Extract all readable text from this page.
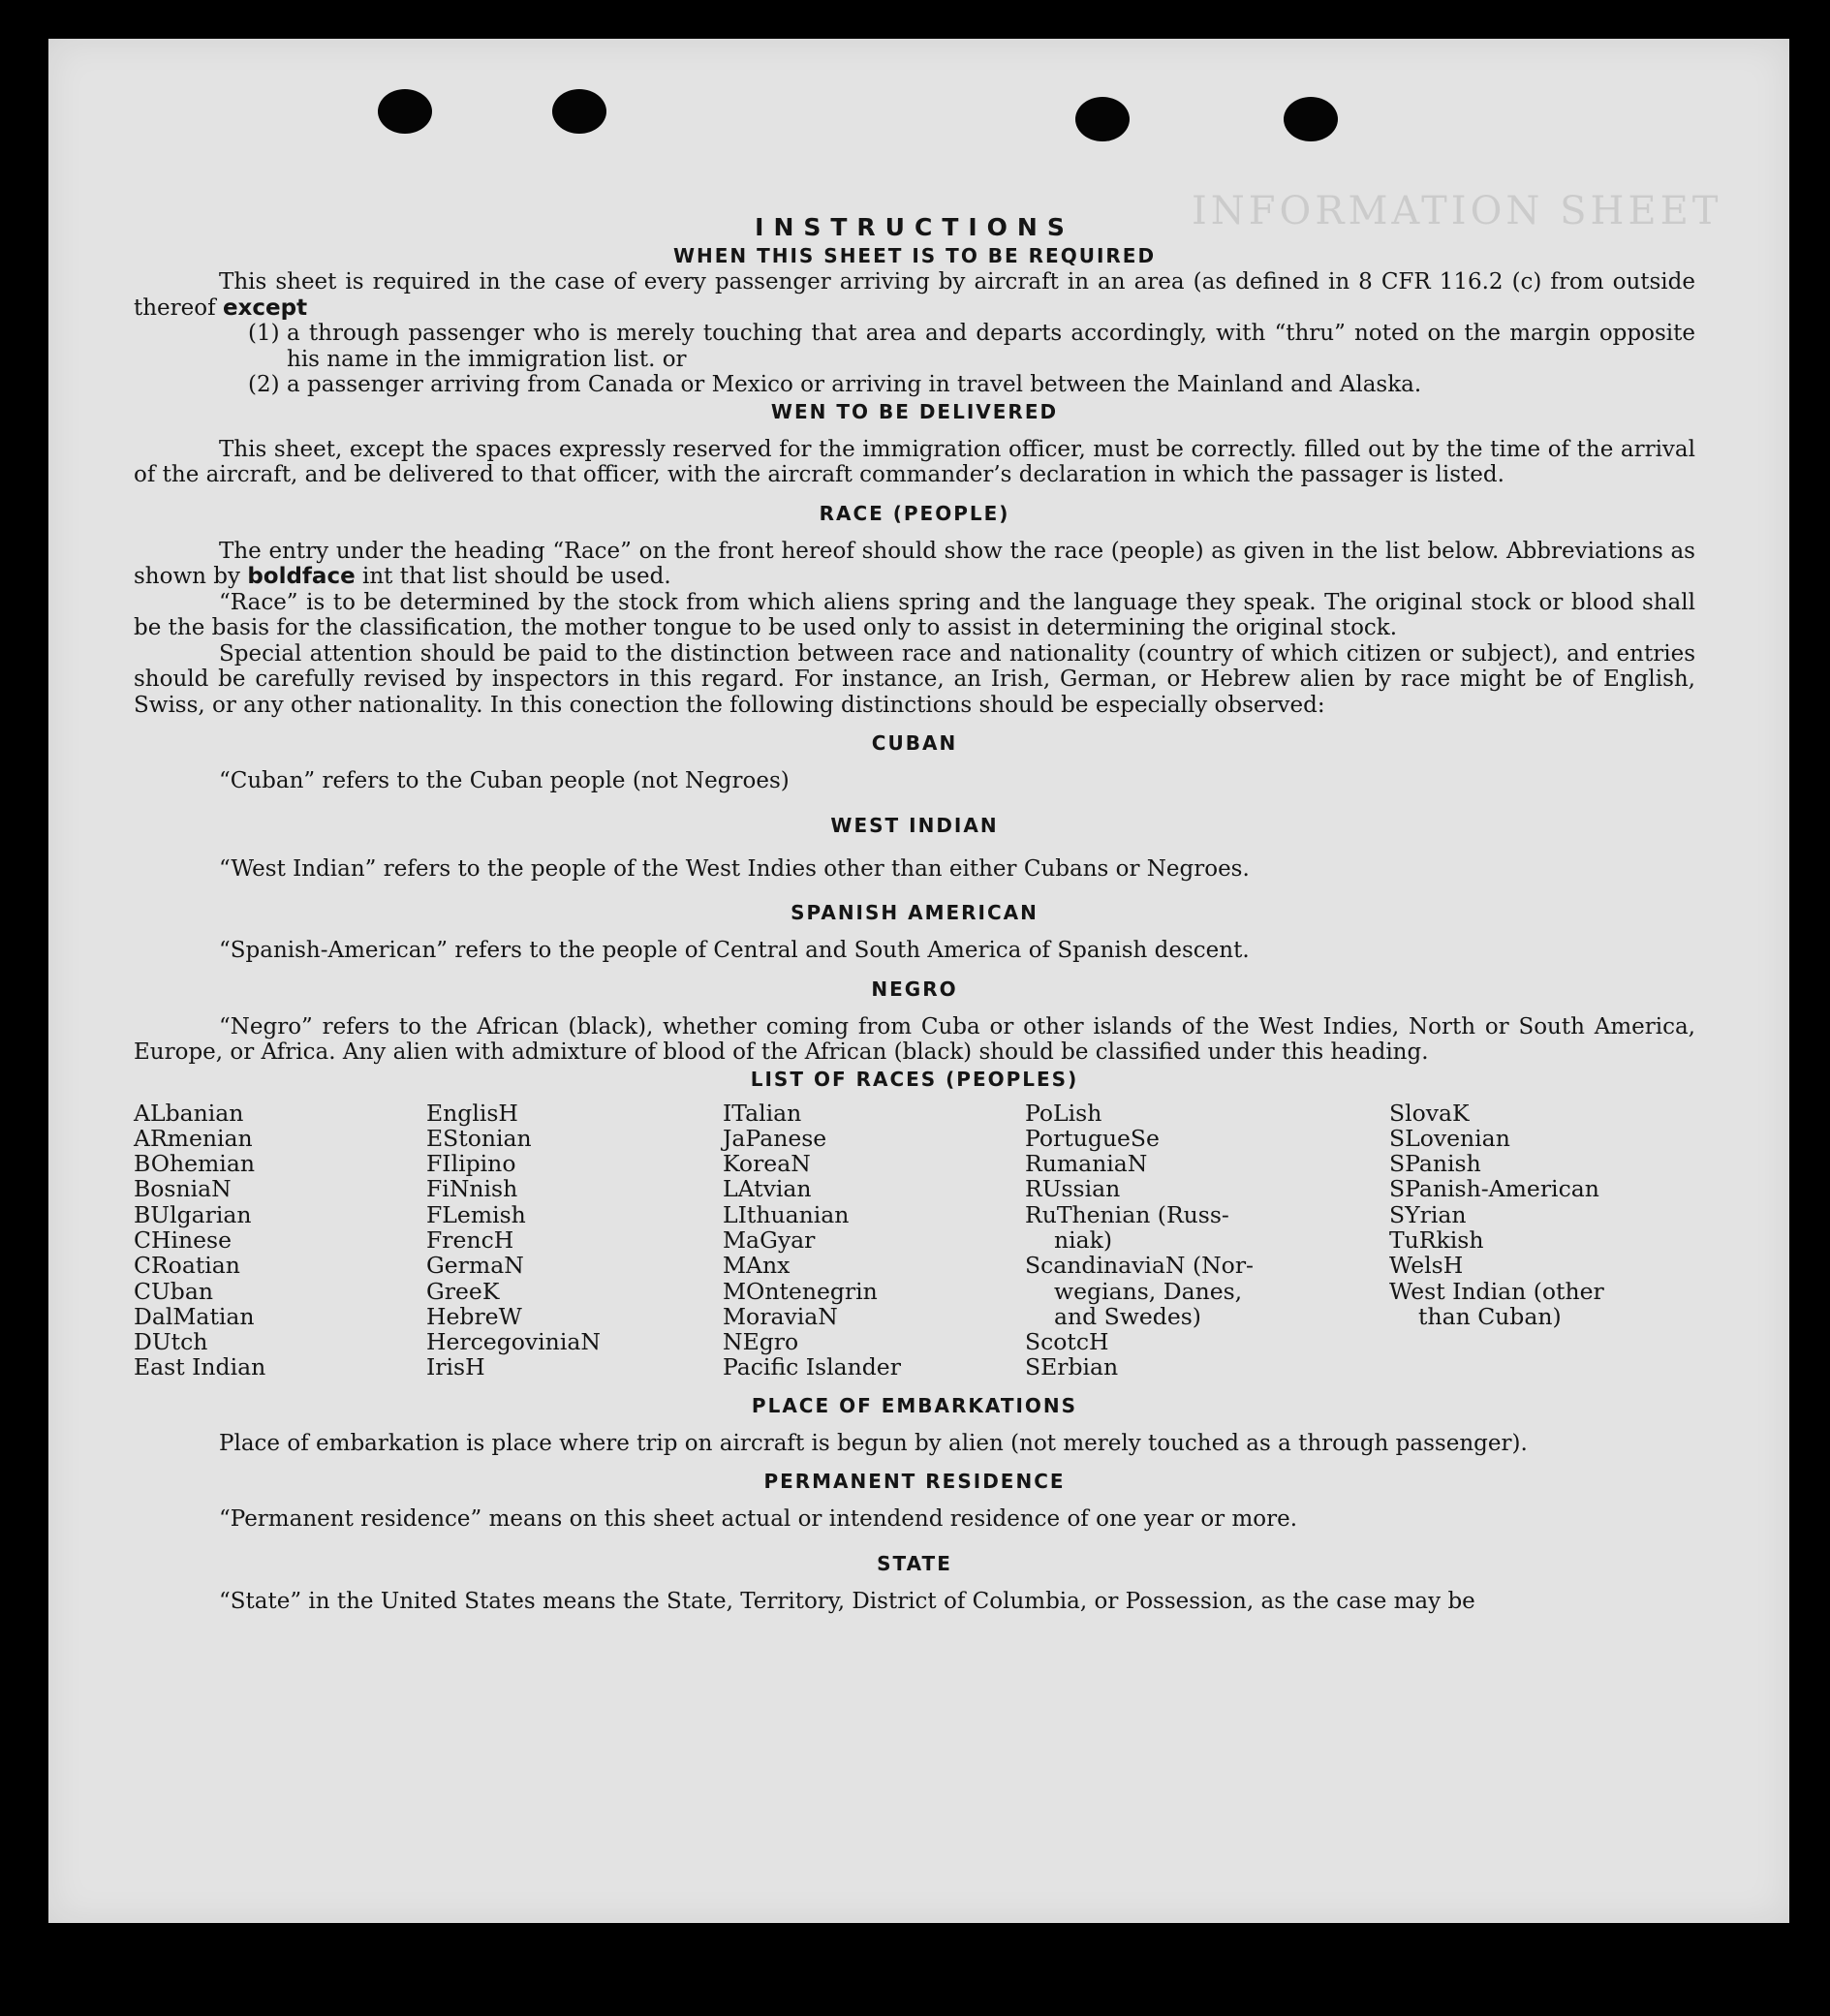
INFORMATION SHEET
INSTRUCTIONS
WHEN THIS SHEET IS TO BE REQUIRED

This sheet is required in the case of every passenger arriving by aircraft in an area (as defined in 8 CFR 116.2 (c) from outside thereof except

(1) a through passenger who is merely touching that area and departs accordingly, with “thru” noted on the margin opposite his name in the immigration list. or

(2) a passenger arriving from Canada or Mexico or arriving in travel between the Mainland and Alaska.

WEN TO BE DELIVERED

This sheet, except the spaces expressly reserved for the immigration officer, must be correctly. filled out by the time of the arrival of the aircraft, and be delivered to that officer, with the aircraft commander’s declaration in which the passager is listed.

RACE (PEOPLE)

The entry under the heading “Race” on the front hereof should show the race (people) as given in the list below. Abbreviations as shown by boldface int that list should be used.

“Race” is to be determined by the stock from which aliens spring and the language they speak. The original stock or blood shall be the basis for the classification, the mother tongue to be used only to assist in determining the original stock.

Special attention should be paid to the distinction between race and nationality (country of which citizen or subject), and entries should be carefully revised by inspectors in this regard. For instance, an Irish, German, or Hebrew alien by race might be of English, Swiss, or any other nationality. In this conection the following distinctions should be especially observed:

CUBAN

“Cuban” refers to the Cuban people (not Negroes)

WEST INDIAN

“West Indian” refers to the people of the West Indies other than either Cubans or Negroes.

SPANISH AMERICAN

“Spanish-American” refers to the people of Central and South America of Spanish descent.

NEGRO

“Negro” refers to the African (black), whether coming from Cuba or other islands of the West Indies, North or South America, Europe, or Africa. Any alien with admixture of blood of the African (black) should be classified under this heading.

LIST OF RACES (PEOPLES)
ALbanian
ARmenian
BOhemian
BosniaN
BUlgarian
CHinese
CRoatian
CUban
DalMatian
DUtch
East Indian
EnglisH
EStonian
FIlipino
FiNnish
FLemish
FrencH
GermaN
GreeK
HebreW
HercegoviniaN
IrisH
ITalian
JaPanese
KoreaN
LAtvian
LIthuanian
MaGyar
MAnx
MOntenegrin
MoraviaN
NEgro
Pacific Islander
PoLish
PortugueSe
RumaniaN
RUssian
RuThenian (Russ-
niak)
ScandinaviaN (Nor-
wegians, Danes,
and Swedes)
ScotcH
SErbian
SlovaK
SLovenian
SPanish
SPanish-American
SYrian
TuRkish
WelsH
West Indian (other
than Cuban)
PLACE OF EMBARKATIONS

Place of embarkation is place where trip on aircraft is begun by alien (not merely touched as a through passenger).

PERMANENT RESIDENCE

“Permanent residence” means on this sheet actual or intendend residence of one year or more.

STATE

“State” in the United States means the State, Territory, District of Columbia, or Possession, as the case may be
